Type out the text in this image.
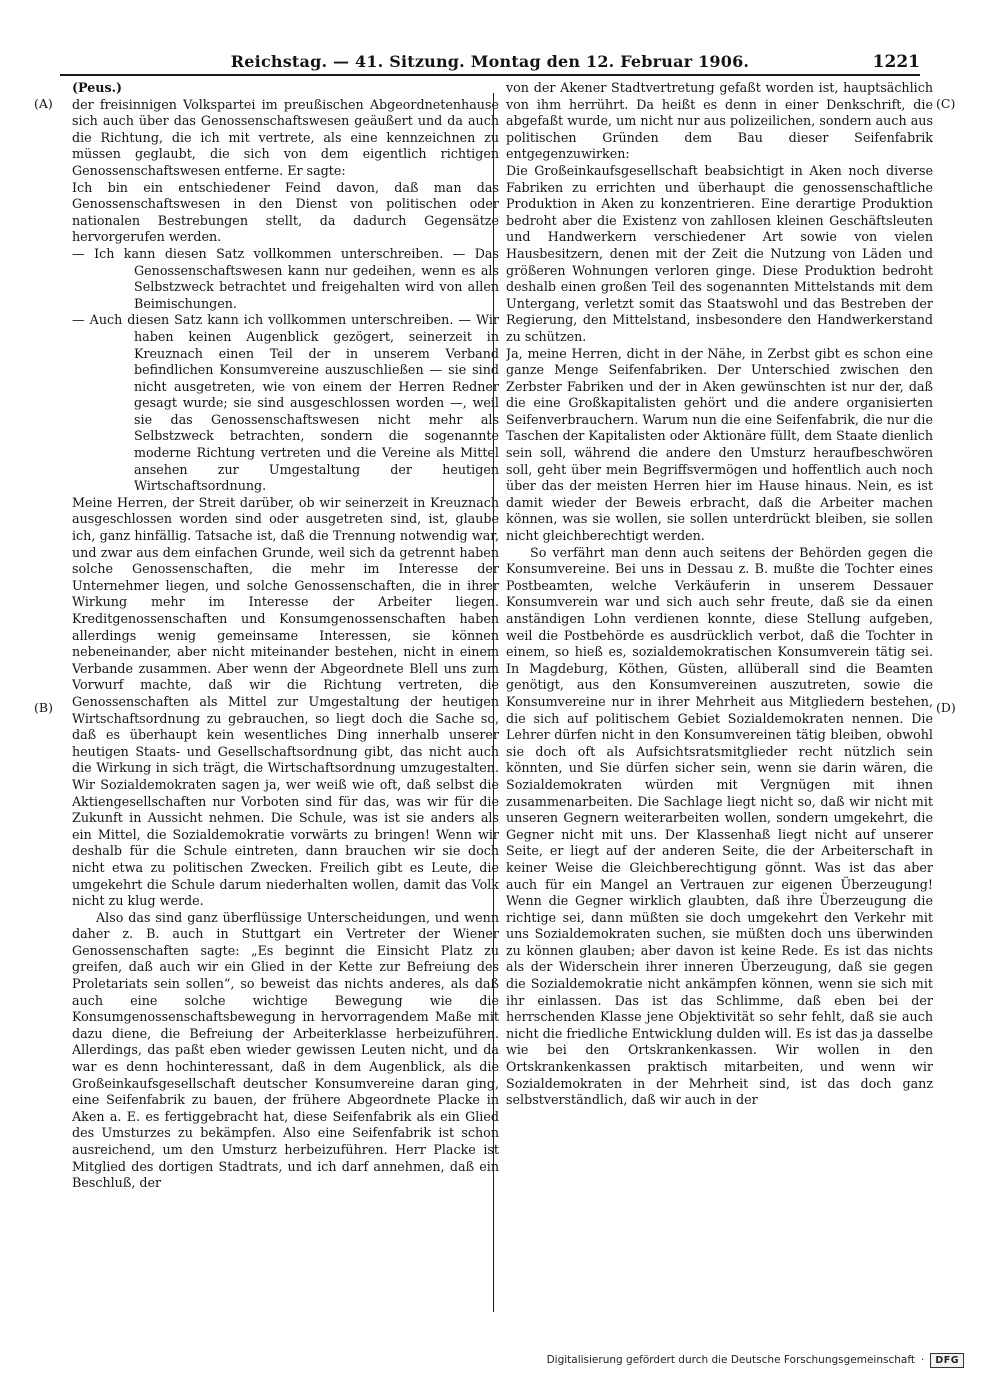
Reichstag. — 41. Sitzung. Montag den 12. Februar 1906.	1221
(A)
(B)
(C)
(D)

(Peus.)

der freisinnigen Volkspartei im preußischen Abgeordnetenhause sich auch über das Genossenschaftswesen geäußert und da auch die Richtung, die ich mit vertrete, als eine kennzeichnen zu müssen geglaubt, die sich von dem eigentlich richtigen Genossenschaftswesen entferne. Er sagte:

Ich bin ein entschiedener Feind davon, daß man das Genossenschaftswesen in den Dienst von politischen oder nationalen Bestrebungen stellt, da dadurch Gegensätze hervorgerufen werden.

— Ich kann diesen Satz vollkommen unterschreiben. — Das Genossenschaftswesen kann nur gedeihen, wenn es als Selbstzweck betrachtet und freigehalten wird von allen Beimischungen.

— Auch diesen Satz kann ich vollkommen unterschreiben. — Wir haben keinen Augenblick gezögert, seinerzeit in Kreuznach einen Teil der in unserem Verband befindlichen Konsumvereine auszuschließen — sie sind nicht ausgetreten, wie von einem der Herren Redner gesagt wurde; sie sind ausgeschlossen worden —, weil sie das Genossenschaftswesen nicht mehr als Selbstzweck betrachten, sondern die sogenannte moderne Richtung vertreten und die Vereine als Mittel ansehen zur Umgestaltung der heutigen Wirtschaftsordnung.

Meine Herren, der Streit darüber, ob wir seinerzeit in Kreuznach ausgeschlossen worden sind oder ausgetreten sind, ist, glaube ich, ganz hinfällig. Tatsache ist, daß die Trennung notwendig war, und zwar aus dem einfachen Grunde, weil sich da getrennt haben solche Genossenschaften, die mehr im Interesse der Unternehmer liegen, und solche Genossenschaften, die in ihrer Wirkung mehr im Interesse der Arbeiter liegen. Kreditgenossenschaften und Konsumgenossenschaften haben allerdings wenig gemeinsame Interessen, sie können nebeneinander, aber nicht miteinander bestehen, nicht in einem Verbande zusammen. Aber wenn der Abgeordnete Blell uns zum Vorwurf machte, daß wir die Richtung vertreten, die Genossenschaften als Mittel zur Umgestaltung der heutigen Wirtschaftsordnung zu gebrauchen, so liegt doch die Sache so, daß es überhaupt kein wesentliches Ding innerhalb unserer heutigen Staats- und Gesellschaftsordnung gibt, das nicht auch die Wirkung in sich trägt, die Wirtschaftsordnung umzugestalten. Wir Sozialdemokraten sagen ja, wer weiß wie oft, daß selbst die Aktiengesellschaften nur Vorboten sind für das, was wir für die Zukunft in Aussicht nehmen. Die Schule, was ist sie anders als ein Mittel, die Sozialdemokratie vorwärts zu bringen! Wenn wir deshalb für die Schule eintreten, dann brauchen wir sie doch nicht etwa zu politischen Zwecken. Freilich gibt es Leute, die umgekehrt die Schule darum niederhalten wollen, damit das Volk nicht zu klug werde.

Also das sind ganz überflüssige Unterscheidungen, und wenn daher z. B. auch in Stuttgart ein Vertreter der Wiener Genossenschaften sagte: „Es beginnt die Einsicht Platz zu greifen, daß auch wir ein Glied in der Kette zur Befreiung des Proletariats sein sollen“, so beweist das nichts anderes, als daß auch eine solche wichtige Bewegung wie die Konsumgenossenschaftsbewegung in hervorragendem Maße mit dazu diene, die Befreiung der Arbeiterklasse herbeizuführen. Allerdings, das paßt eben wieder gewissen Leuten nicht, und da war es denn hochinteressant, daß in dem Augenblick, als die Großeinkaufsgesellschaft deutscher Konsumvereine daran ging, eine Seifenfabrik zu bauen, der frühere Abgeordnete Placke in Aken a. E. es fertiggebracht hat, diese Seifenfabrik als ein Glied des Umsturzes zu bekämpfen. Also eine Seifenfabrik ist schon ausreichend, um den Umsturz herbeizuführen. Herr Placke ist Mitglied des dortigen Stadtrats, und ich darf annehmen, daß ein Beschluß, der

von der Akener Stadtvertretung gefaßt worden ist, hauptsächlich von ihm herrührt. Da heißt es denn in einer Denkschrift, die abgefaßt wurde, um nicht nur aus polizeilichen, sondern auch aus politischen Gründen dem Bau dieser Seifenfabrik entgegenzuwirken:

Die Großeinkaufsgesellschaft beabsichtigt in Aken noch diverse Fabriken zu errichten und überhaupt die genossenschaftliche Produktion in Aken zu konzentrieren. Eine derartige Produktion bedroht aber die Existenz von zahllosen kleinen Geschäftsleuten und Handwerkern verschiedener Art sowie von vielen Hausbesitzern, denen mit der Zeit die Nutzung von Läden und größeren Wohnungen verloren ginge. Diese Produktion bedroht deshalb einen großen Teil des sogenannten Mittelstands mit dem Untergang, verletzt somit das Staatswohl und das Bestreben der Regierung, den Mittelstand, insbesondere den Handwerkerstand zu schützen.

Ja, meine Herren, dicht in der Nähe, in Zerbst gibt es schon eine ganze Menge Seifenfabriken. Der Unterschied zwischen den Zerbster Fabriken und der in Aken gewünschten ist nur der, daß die eine Großkapitalisten gehört und die andere organisierten Seifenverbrauchern. Warum nun die eine Seifenfabrik, die nur die Taschen der Kapitalisten oder Aktionäre füllt, dem Staate dienlich sein soll, während die andere den Umsturz heraufbeschwören soll, geht über mein Begriffsvermögen und hoffentlich auch noch über das der meisten Herren hier im Hause hinaus. Nein, es ist damit wieder der Beweis erbracht, daß die Arbeiter machen können, was sie wollen, sie sollen unterdrückt bleiben, sie sollen nicht gleichberechtigt werden.

So verfährt man denn auch seitens der Behörden gegen die Konsumvereine. Bei uns in Dessau z. B. mußte die Tochter eines Postbeamten, welche Verkäuferin in unserem Dessauer Konsumverein war und sich auch sehr freute, daß sie da einen anständigen Lohn verdienen konnte, diese Stellung aufgeben, weil die Postbehörde es ausdrücklich verbot, daß die Tochter in einem, so hieß es, sozialdemokratischen Konsumverein tätig sei. In Magdeburg, Köthen, Güsten, allüberall sind die Beamten genötigt, aus den Konsumvereinen auszutreten, sowie die Konsumvereine nur in ihrer Mehrheit aus Mitgliedern bestehen, die sich auf politischem Gebiet Sozialdemokraten nennen. Die Lehrer dürfen nicht in den Konsumvereinen tätig bleiben, obwohl sie doch oft als Aufsichtsratsmitglieder recht nützlich sein könnten, und Sie dürfen sicher sein, wenn sie darin wären, die Sozialdemokraten würden mit Vergnügen mit ihnen zusammenarbeiten. Die Sachlage liegt nicht so, daß wir nicht mit unseren Gegnern weiterarbeiten wollen, sondern umgekehrt, die Gegner nicht mit uns. Der Klassenhaß liegt nicht auf unserer Seite, er liegt auf der anderen Seite, die der Arbeiterschaft in keiner Weise die Gleichberechtigung gönnt. Was ist das aber auch für ein Mangel an Vertrauen zur eigenen Überzeugung! Wenn die Gegner wirklich glaubten, daß ihre Überzeugung die richtige sei, dann müßten sie doch umgekehrt den Verkehr mit uns Sozialdemokraten suchen, sie müßten doch uns überwinden zu können glauben; aber davon ist keine Rede. Es ist das nichts als der Widerschein ihrer inneren Überzeugung, daß sie gegen die Sozialdemokratie nicht ankämpfen können, wenn sie sich mit ihr einlassen. Das ist das Schlimme, daß eben bei der herrschenden Klasse jene Objektivität so sehr fehlt, daß sie auch nicht die friedliche Entwicklung dulden will. Es ist das ja dasselbe wie bei den Ortskrankenkassen. Wir wollen in den Ortskrankenkassen praktisch mitarbeiten, und wenn wir Sozialdemokraten in der Mehrheit sind, ist das doch ganz selbstverständlich, daß wir auch in der

Digitalisierung gefördert durch die Deutsche Forschungsgemeinschaft ·	DFG
